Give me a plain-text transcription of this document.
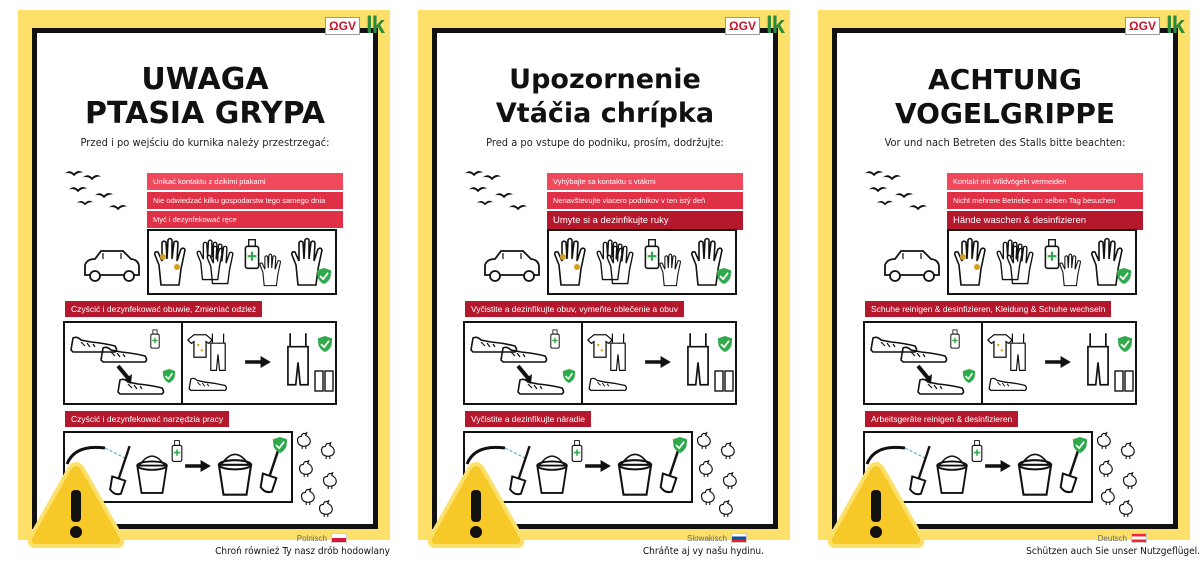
UWAGA
PTASIA GRYPA
Przed i po wejściu do kurnika należy przestrzegać:
Unikać kontaktu z dzikimi ptakami
Nie odwiedzać kilku gospodarstw tego samego dnia
Myć i dezynfekować ręce
Czyścić i dezynfekować obuwie, Zmieniać odzież
Czyścić i dezynfekować narzędzia pracy
Polnisch
ΩGV lk
Chroń również Ty nasz drób hodowlany
Upozornenie
Vtáčia chrípka
Pred a po vstupe do podniku, prosím, dodržujte:
Vyhýbajte sa kontaktu s vtákmi
Nenavštevujte viacero podnikov v ten istý deň
Umyte si a dezinfikujte ruky
Vyčistite a dezinfikujte obuv, vymeňte oblečenie a obuv
Vyčistite a dezinfikujte náradie
Slowakisch
ΩGV lk
Chráňte aj vy našu hydinu.
ACHTUNG
VOGELGRIPPE
Vor und nach Betreten des Stalls bitte beachten:
Kontakt mit Wildvögeln vermeiden
Nicht mehrere Betriebe am selben Tag besuchen
Hände waschen & desinfizieren
Schuhe reinigen & desinfizieren, Kleidung & Schuhe wechseln
Arbeitsgeräte reinigen & desinfizieren
Deutsch
ΩGV lk
Schützen auch Sie unser Nutzgeflügel.
